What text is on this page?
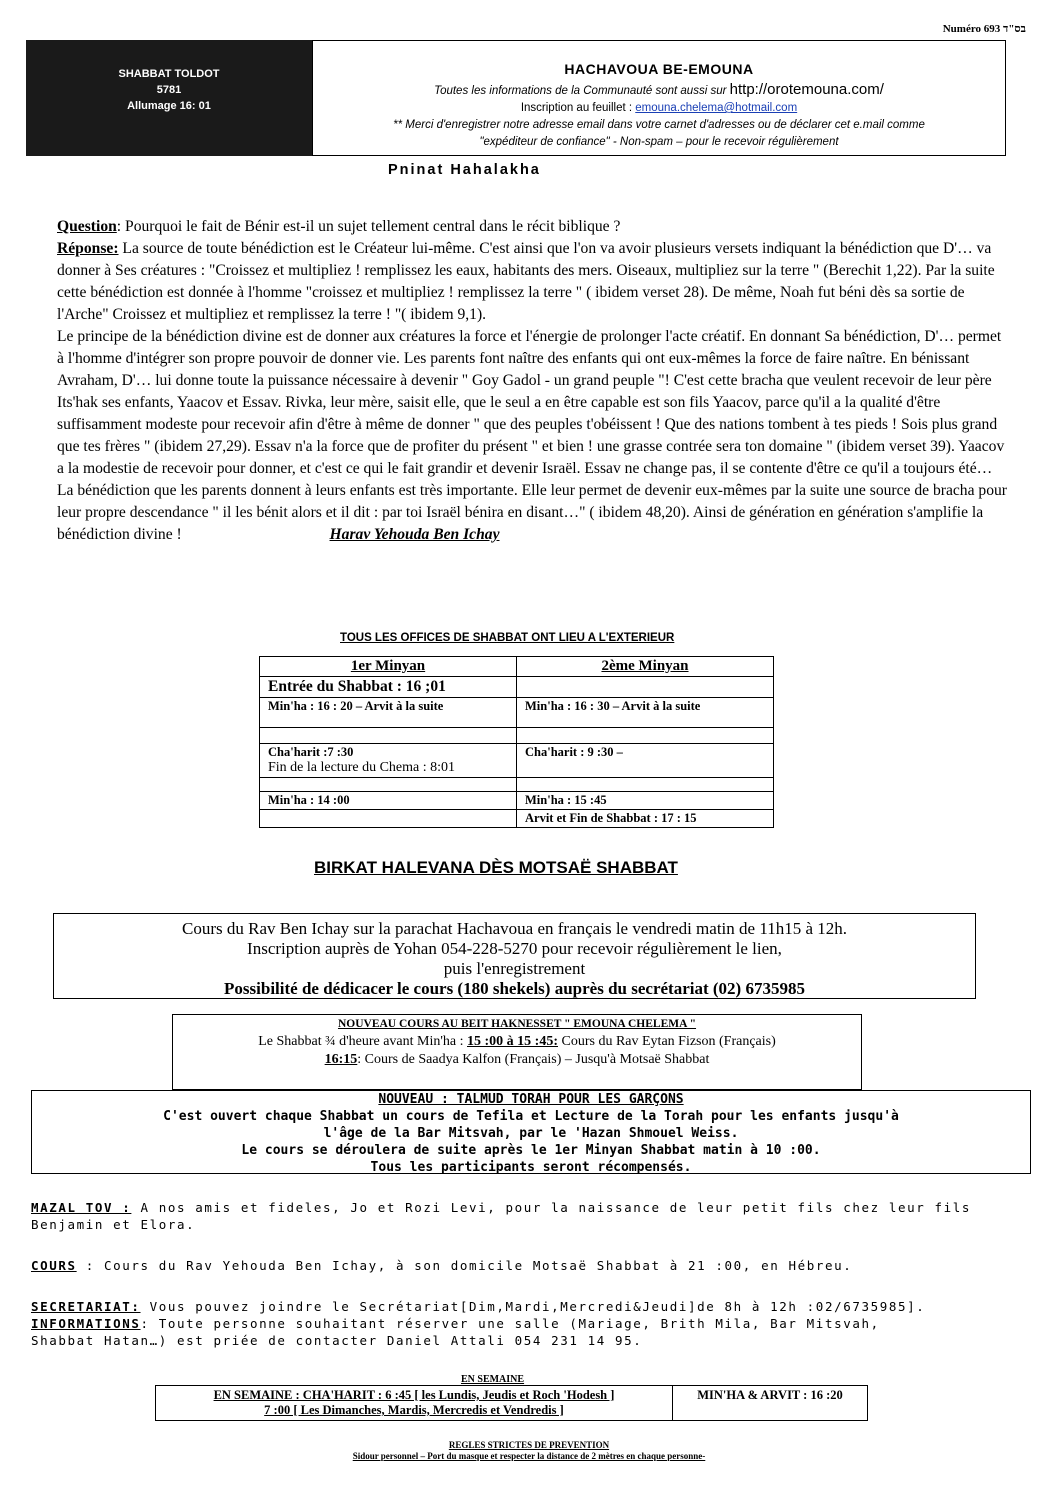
Numéro 693 בס"ד
SHABBAT TOLDOT
5781
Allumage 16: 01
HACHAVOUA BE-EMOUNA
Toutes les informations de la Communauté sont aussi sur http://orotemouna.com/
Inscription au feuillet : emouna.chelema@hotmail.com
** Merci d'enregistrer notre adresse email dans votre carnet d'adresses ou de déclarer cet e.mail comme
"expéditeur de confiance" - Non-spam – pour le recevoir régulièrement
Pninat Hahalakha

Question: Pourquoi le fait de Bénir est-il un sujet tellement central dans le récit biblique ?

Réponse: La source de toute bénédiction est le Créateur lui-même. C'est ainsi que l'on va avoir plusieurs versets indiquant la bénédiction que D'… va donner à Ses créatures : "Croissez et multipliez ! remplissez les eaux, habitants des mers. Oiseaux, multipliez sur la terre " (Berechit 1,22). Par la suite cette bénédiction est donnée à l'homme "croissez et multipliez ! remplissez la terre " ( ibidem verset 28). De même, Noah fut béni dès sa sortie de l'Arche" Croissez et multipliez et remplissez la terre ! "( ibidem 9,1).

Le principe de la bénédiction divine est de donner aux créatures la force et l'énergie de prolonger l'acte créatif. En donnant Sa bénédiction, D'… permet à l'homme d'intégrer son propre pouvoir de donner vie. Les parents font naître des enfants qui ont eux-mêmes la force de faire naître. En bénissant Avraham, D'… lui donne toute la puissance nécessaire à devenir " Goy Gadol - un grand peuple "! C'est cette bracha que veulent recevoir de leur père Its'hak ses enfants, Yaacov et Essav. Rivka, leur mère, saisit elle, que le seul a en être capable est son fils Yaacov, parce qu'il a la qualité d'être suffisamment modeste pour recevoir afin d'être à même de donner " que des peuples t'obéissent ! Que des nations tombent à tes pieds ! Sois plus grand que tes frères " (ibidem 27,29). Essav n'a la force que de profiter du présent " et bien ! une grasse contrée sera ton domaine " (ibidem verset 39). Yaacov a la modestie de recevoir pour donner, et c'est ce qui le fait grandir et devenir Israël. Essav ne change pas, il se contente d'être ce qu'il a toujours été… La bénédiction que les parents donnent à leurs enfants est très importante. Elle leur permet de devenir eux-mêmes par la suite une source de bracha pour leur propre descendance " il les bénit alors et il dit : par toi Israël bénira en disant…" ( ibidem 48,20). Ainsi de génération en génération s'amplifie la bénédiction divine !	Harav Yehouda Ben Ichay

TOUS LES OFFICES DE SHABBAT ONT LIEU A L'EXTERIEUR
1er Minyan	2ème Minyan
Entrée du Shabbat : 16 ;01	
Min'ha : 16 : 20 – Arvit à la suite	Min'ha : 16 : 30 – Arvit à la suite

Cha'harit :7 :30
Fin de la lecture du Chema : 8:01	Cha'harit : 9 :30 –

Min'ha : 14 :00	Min'ha : 15 :45
	Arvit et Fin de Shabbat : 17 : 15
BIRKAT HALEVANA DÈS MOTSAË SHABBAT
Cours du Rav Ben Ichay sur la parachat Hachavoua en français le vendredi matin de 11h15 à 12h.
Inscription auprès de Yohan 054-228-5270 pour recevoir régulièrement le lien,
puis l'enregistrement
Possibilité de dédicacer le cours (180 shekels) auprès du secrétariat (02) 6735985
NOUVEAU COURS AU BEIT HAKNESSET " EMOUNA CHELEMA "
Le Shabbat ¾ d'heure avant Min'ha : 15 :00 à 15 :45: Cours du Rav Eytan Fizson (Français)
16:15: Cours de Saadya Kalfon (Français) – Jusqu'à Motsaë Shabbat
NOUVEAU : TALMUD TORAH POUR LES GARÇONS
C'est ouvert chaque Shabbat un cours de Tefila et Lecture de la Torah pour les enfants jusqu'à
l'âge de la Bar Mitsvah, par le 'Hazan Shmouel Weiss.
Le cours se déroulera de suite après le 1er Minyan Shabbat matin à 10 :00.
Tous les participants seront récompensés.
MAZAL TOV : A nos amis et fideles, Jo et Rozi Levi, pour la naissance de leur petit fils chez leur fils Benjamin et Elora.
COURS : Cours du Rav Yehouda Ben Ichay, à son domicile Motsaë Shabbat à 21 :00, en Hébreu.
SECRETARIAT: Vous pouvez joindre le Secrétariat[Dim,Mardi,Mercredi&Jeudi]de 8h à 12h :02/6735985].
INFORMATIONS: Toute personne souhaitant réserver une salle (Mariage, Brith Mila, Bar Mitsvah, Shabbat Hatan…) est priée de contacter Daniel Attali 054 231 14 95.
EN SEMAINE
EN SEMAINE : CHA'HARIT : 6 :45 [ les Lundis, Jeudis et Roch 'Hodesh ]
7 :00 [ Les Dimanches, Mardis, Mercredis et Vendredis ]
	MIN'HA & ARVIT : 16 :20
REGLES STRICTES DE PREVENTION
Sidour personnel – Port du masque et respecter la distance de 2 mètres en chaque personne-
